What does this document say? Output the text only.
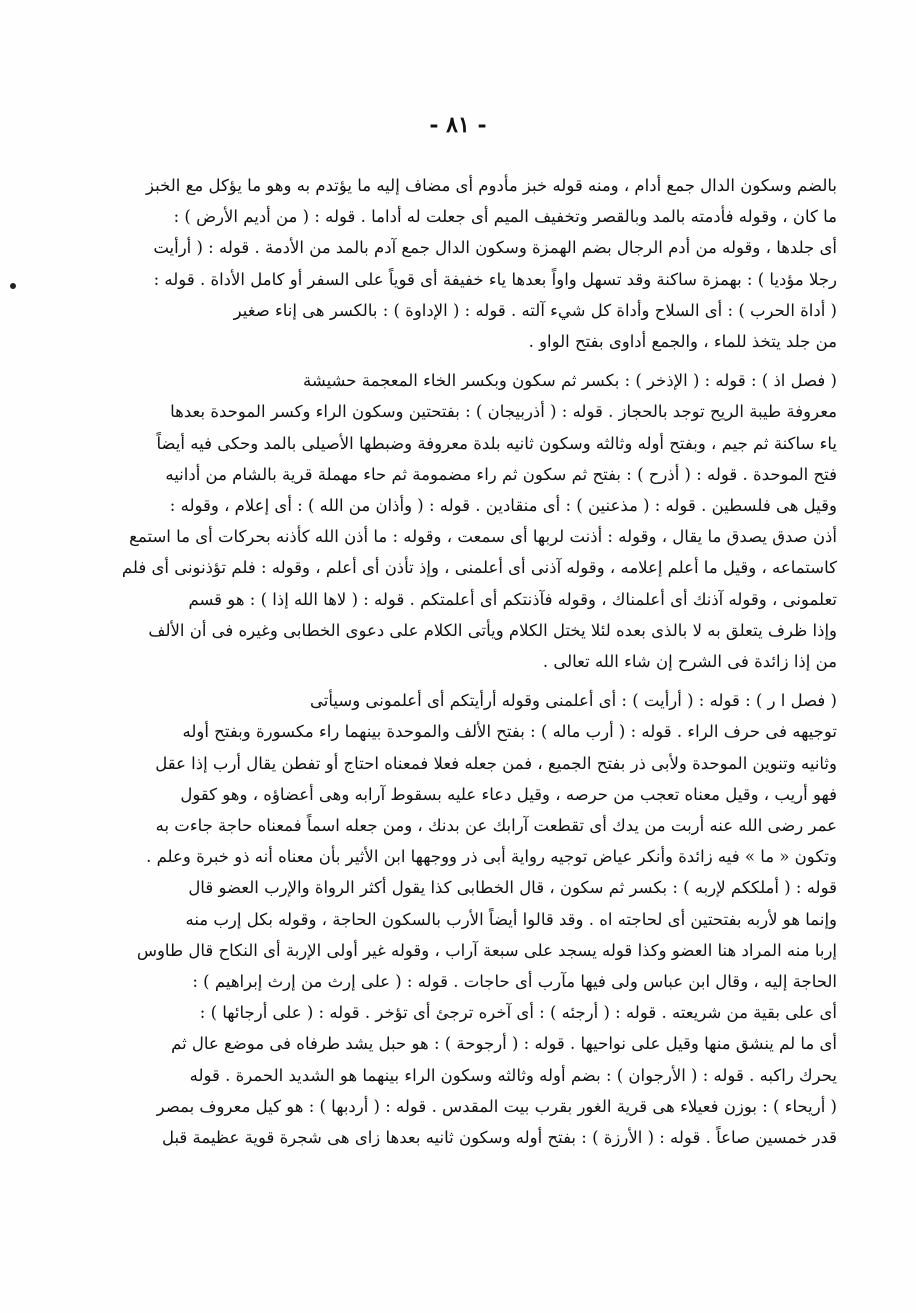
- ٨١ -

بالضم وسكون الدال جمع أدام ، ومنه قوله خبز مأدوم أى مضاف إليه ما يؤتدم به وهو ما يؤكل مع الخبز
ما كان ، وقوله فأدمته بالمد وبالقصر وتخفيف الميم أى جعلت له أداما . قوله : ( من أديم الأرض ) :
أى جلدها ، وقوله من أدم الرجال بضم الهمزة وسكون الدال جمع آدم بالمد من الأدمة . قوله : ( أرأيت
رجلا مؤديا ) : بهمزة ساكنة وقد تسهل واواً بعدها ياء خفيفة أى قوياً على السفر أو كامل الأداة . قوله :
( أداة الحرب ) : أى السلاح وأداة كل شيء آلته . قوله : ( الإداوة ) : بالكسر هى إناء صغير
من جلد يتخذ للماء ، والجمع أداوى بفتح الواو .

( فصل اذ ) : قوله : ( الإذخر ) : بكسر ثم سكون وبكسر الخاء المعجمة حشيشة
معروفة طيبة الريح توجد بالحجاز . قوله : ( أذربيجان ) : بفتحتين وسكون الراء وكسر الموحدة بعدها
ياء ساكنة ثم جيم ، وبفتح أوله وثالثه وسكون ثانيه بلدة معروفة وضبطها الأصيلى بالمد وحكى فيه أيضاً
فتح الموحدة . قوله : ( أذرح ) : بفتح ثم سكون ثم راء مضمومة ثم حاء مهملة قرية بالشام من أدانيه
وقيل هى فلسطين . قوله : ( مذعنين ) : أى منقادين . قوله : ( وأذان من الله ) : أى إعلام ، وقوله :
أذن صدق يصدق ما يقال ، وقوله : أذنت لربها أى سمعت ، وقوله : ما أذن الله كأذنه بحركات أى ما استمع
كاستماعه ، وقيل ما أعلم إعلامه ، وقوله آذنى أى أعلمنى ، وإذ تأذن أى أعلم ، وقوله : فلم تؤذنونى أى فلم
تعلمونى ، وقوله آذنك أى أعلمناك ، وقوله فآذنتكم أى أعلمتكم . قوله : ( لاها الله إذا ) : هو قسم
وإذا ظرف يتعلق به لا بالذى بعده لئلا يختل الكلام ويأتى الكلام على دعوى الخطابى وغيره فى أن الألف
من إذا زائدة فى الشرح إن شاء الله تعالى .

( فصل ا ر ) : قوله : ( أرأيت ) : أى أعلمنى وقوله أرأيتكم أى أعلمونى وسيأتى
توجيهه فى حرف الراء . قوله : ( أرب ماله ) : بفتح الألف والموحدة بينهما راء مكسورة وبفتح أوله
وثانيه وتنوين الموحدة ولأبى ذر بفتح الجميع ، فمن جعله فعلا فمعناه احتاج أو تفطن يقال أرب إذا عقل
فهو أريب ، وقيل معناه تعجب من حرصه ، وقيل دعاء عليه بسقوط آرابه وهى أعضاؤه ، وهو كقول
عمر رضى الله عنه أربت من يدك أى تقطعت آرابك عن بدنك ، ومن جعله اسماً فمعناه حاجة جاءت به
وتكون « ما » فيه زائدة وأنكر عياض توجيه رواية أبى ذر ووجهها ابن الأثير بأن معناه أنه ذو خبرة وعلم .
قوله : ( أملككم لإربه ) : بكسر ثم سكون ، قال الخطابى كذا يقول أكثر الرواة والإرب العضو قال
وإنما هو لأربه بفتحتين أى لحاجته اه . وقد قالوا أيضاً الأرب بالسكون الحاجة ، وقوله بكل إرب منه
إربا منه المراد هنا العضو وكذا قوله يسجد على سبعة آراب ، وقوله غير أولى الإربة أى النكاح قال طاوس
الحاجة إليه ، وقال ابن عباس ولى فيها مآرب أى حاجات . قوله : ( على إرث من إرث إبراهيم ) :
أى على بقية من شريعته . قوله : ( أرجئه ) : أى آخره ترجئ أى تؤخر . قوله : ( على أرجائها ) :
أى ما لم ينشق منها وقيل على نواحيها . قوله : ( أرجوحة ) : هو حبل يشد طرفاه فى موضع عال ثم
يحرك راكبه . قوله : ( الأرجوان ) : بضم أوله وثالثه وسكون الراء بينهما هو الشديد الحمرة . قوله
( أريحاء ) : بوزن فعيلاء هى قرية الغور بقرب بيت المقدس . قوله : ( أردبها ) : هو كيل معروف بمصر
قدر خمسين صاعاً . قوله : ( الأرزة ) : بفتح أوله وسكون ثانيه بعدها زاى هى شجرة قوية عظيمة قبل
